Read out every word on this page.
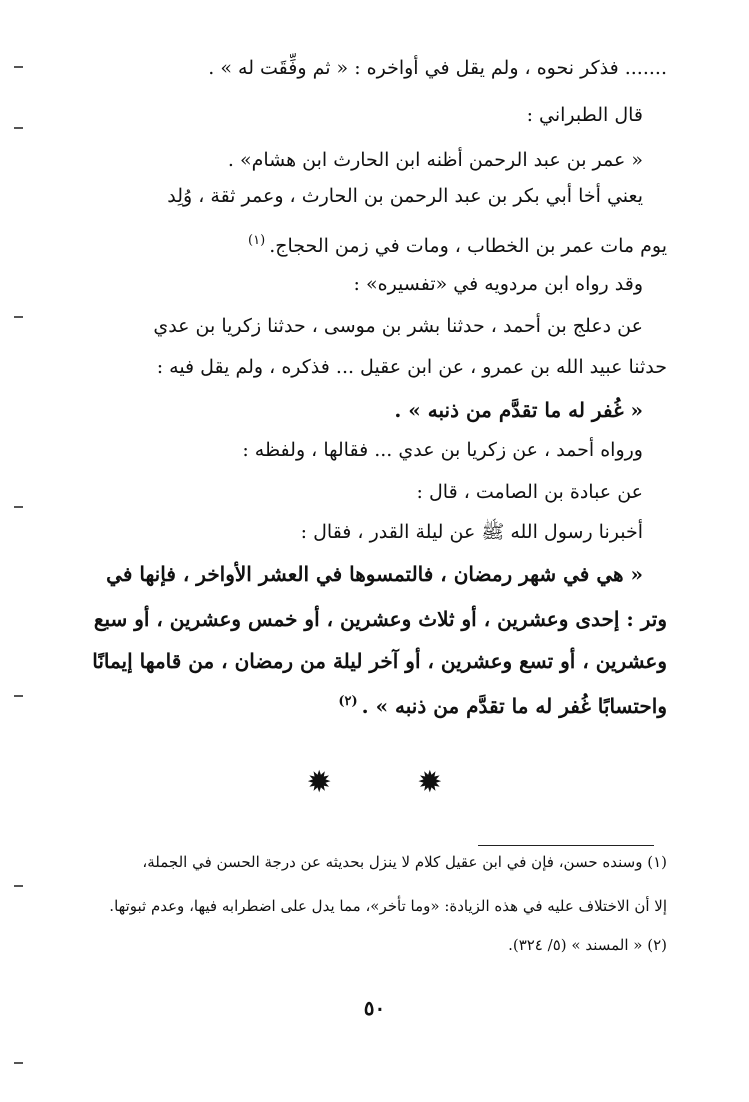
....... فذكر نحوه ، ولم يقل في أواخره : « ثم وفِّقَت له » .
قال الطبراني :
« عمر بن عبد الرحمن أظنه ابن الحارث ابن هشام» .
يعني أخا أبي بكر بن عبد الرحمن بن الحارث ، وعمر ثقة ، وُلِد
يوم مات عمر بن الخطاب ، ومات في زمن الحجاج.$^{(١)}$
وقد رواه ابن مردويه في «تفسيره» :
عن دعلج بن أحمد ، حدثنا بشر بن موسى ، حدثنا زكريا بن عدي
حدثنا عبيد الله بن عمرو ، عن ابن عقيل ... فذكره ، ولم يقل فيه :
« غُفر له ما تقدَّم من ذنبه » .
ورواه أحمد ، عن زكريا بن عدي ... فقالها ، ولفظه :
عن عبادة بن الصامت ، قال :
أخبرنا رسول الله ﷺ عن ليلة القدر ، فقال :
« هي في شهر رمضان ، فالتمسوها في العشر الأواخر ، فإنها في
وتر : إحدى وعشرين ، أو ثلاث وعشرين ، أو خمس وعشرين ، أو سبع
وعشرين ، أو تسع وعشرين ، أو آخر ليلة من رمضان ، من قامها إيمانًا
واحتسابًا غُفر له ما تقدَّم من ذنبه » .$^{(٢)}$
✹ ✹
(١) وسنده حسن، فإن في ابن عقيل كلام لا ينزل بحديثه عن درجة الحسن في الجملة،
إلا أن الاختلاف عليه في هذه الزيادة: «وما تأخر»، مما يدل على اضطرابه فيها، وعدم ثبوتها.
(٢) « المسند » (٥/ ٣٢٤).
٥٠
